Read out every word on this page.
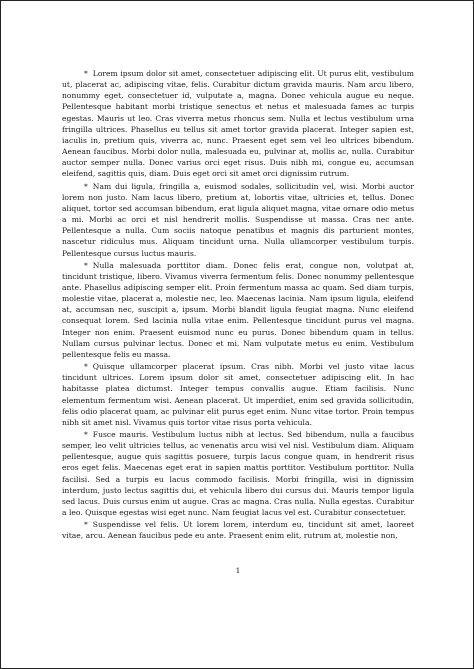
* Lorem ipsum dolor sit amet, consectetuer adipiscing elit. Ut purus elit, vestibulum ut, placerat ac, adipiscing vitae, felis. Curabitur dictum gravida mauris. Nam arcu libero, nonummy eget, consectetuer id, vulputate a, magna. Donec vehicula augue eu neque. Pellentesque habitant morbi tristique senectus et netus et malesuada fames ac turpis egestas. Mauris ut leo. Cras viverra metus rhoncus sem. Nulla et lectus vestibulum urna fringilla ultrices. Phasellus eu tellus sit amet tortor gravida placerat. Integer sapien est, iaculis in, pretium quis, viverra ac, nunc. Praesent eget sem vel leo ultrices bibendum. Aenean faucibus. Morbi dolor nulla, malesuada eu, pulvinar at, mollis ac, nulla. Curabitur auctor semper nulla. Donec varius orci eget risus. Duis nibh mi, congue eu, accumsan eleifend, sagittis quis, diam. Duis eget orci sit amet orci dignissim rutrum.

* Nam dui ligula, fringilla a, euismod sodales, sollicitudin vel, wisi. Morbi auctor lorem non justo. Nam lacus libero, pretium at, lobortis vitae, ultricies et, tellus. Donec aliquet, tortor sed accumsan bibendum, erat ligula aliquet magna, vitae ornare odio metus a mi. Morbi ac orci et nisl hendrerit mollis. Suspendisse ut massa. Cras nec ante. Pellentesque a nulla. Cum sociis natoque penatibus et magnis dis parturient montes, nascetur ridiculus mus. Aliquam tincidunt urna. Nulla ullamcorper vestibulum turpis. Pellentesque cursus luctus mauris.

* Nulla malesuada porttitor diam. Donec felis erat, congue non, volutpat at, tincidunt tristique, libero. Vivamus viverra fermentum felis. Donec nonummy pellentesque ante. Phasellus adipiscing semper elit. Proin fermentum massa ac quam. Sed diam turpis, molestie vitae, placerat a, molestie nec, leo. Maecenas lacinia. Nam ipsum ligula, eleifend at, accumsan nec, suscipit a, ipsum. Morbi blandit ligula feugiat magna. Nunc eleifend consequat lorem. Sed lacinia nulla vitae enim. Pellentesque tincidunt purus vel magna. Integer non enim. Praesent euismod nunc eu purus. Donec bibendum quam in tellus. Nullam cursus pulvinar lectus. Donec et mi. Nam vulputate metus eu enim. Vestibulum pellentesque felis eu massa.

* Quisque ullamcorper placerat ipsum. Cras nibh. Morbi vel justo vitae lacus tincidunt ultrices. Lorem ipsum dolor sit amet, consectetuer adipiscing elit. In hac habitasse platea dictumst. Integer tempus convallis augue. Etiam facilisis. Nunc elementum fermentum wisi. Aenean placerat. Ut imperdiet, enim sed gravida sollicitudin, felis odio placerat quam, ac pulvinar elit purus eget enim. Nunc vitae tortor. Proin tempus nibh sit amet nisl. Vivamus quis tortor vitae risus porta vehicula.

* Fusce mauris. Vestibulum luctus nibh at lectus. Sed bibendum, nulla a faucibus semper, leo velit ultricies tellus, ac venenatis arcu wisi vel nisl. Vestibulum diam. Aliquam pellentesque, augue quis sagittis posuere, turpis lacus congue quam, in hendrerit risus eros eget felis. Maecenas eget erat in sapien mattis porttitor. Vestibulum porttitor. Nulla facilisi. Sed a turpis eu lacus commodo facilisis. Morbi fringilla, wisi in dignissim interdum, justo lectus sagittis dui, et vehicula libero dui cursus dui. Mauris tempor ligula sed lacus. Duis cursus enim ut augue. Cras ac magna. Cras nulla. Nulla egestas. Curabitur a leo. Quisque egestas wisi eget nunc. Nam feugiat lacus vel est. Curabitur consectetuer.

* Suspendisse vel felis. Ut lorem lorem, interdum eu, tincidunt sit amet, laoreet vitae, arcu. Aenean faucibus pede eu ante. Praesent enim elit, rutrum at, molestie non,

1
